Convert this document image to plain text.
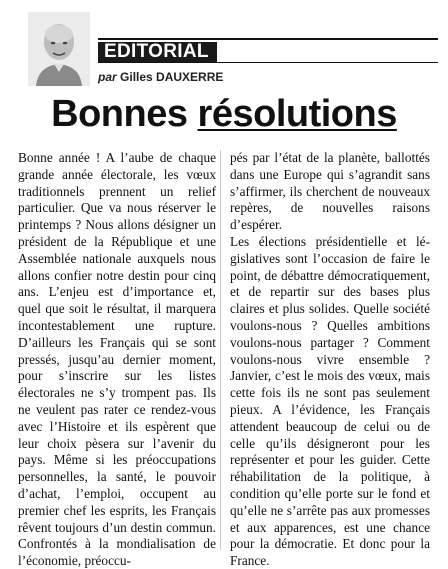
EDITORIAL
par Gilles DAUXERRE
Bonnes résolutions

Bonne année ! A l’aube de chaque grande année électorale, les vœux traditionnels prennent un relief particulier. Que va nous réserver le printemps ? Nous allons désigner un président de la République et une Assemblée nationale auxquels nous allons confier notre destin pour cinq ans. L’enjeu est d’importance et, quel que soit le résultat, il marquera incontestablement une rupture. D’ailleurs les Français qui se sont pressés, jusqu’au dernier moment, pour s’inscrire sur les listes électorales ne s’y trompent pas. Ils ne veulent pas rater ce rendez-vous avec l’Histoire et ils espèrent que leur choix pèsera sur l’avenir du pays. Même si les préoccupations personnelles, la santé, le pouvoir d’achat, l’emploi, occupent au premier chef les esprits, les Français rêvent toujours d’un destin commun. Confrontés à la mondialisation de l’économie, préoccu-

pés par l’état de la planète, ballottés dans une Europe qui s’agrandit sans s’affirmer, ils cherchent de nouveaux repères, de nouvelles raisons d’espérer.

Les élections présidentielle et législatives sont l’occasion de faire le point, de débattre démocratiquement, et de repartir sur des bases plus claires et plus solides. Quelle société voulons-nous ? Quelles ambitions voulons-nous partager ? Comment voulons-nous vivre ensemble ? Janvier, c’est le mois des vœux, mais cette fois ils ne sont pas seulement pieux. A l’évidence, les Français attendent beaucoup de celui ou de celle qu’ils désigneront pour les représenter et pour les guider. Cette réhabilitation de la politique, à condition qu’elle porte sur le fond et qu’elle ne s’arrête pas aux promesses et aux apparences, est une chance pour la démocratie. Et donc pour la France.
